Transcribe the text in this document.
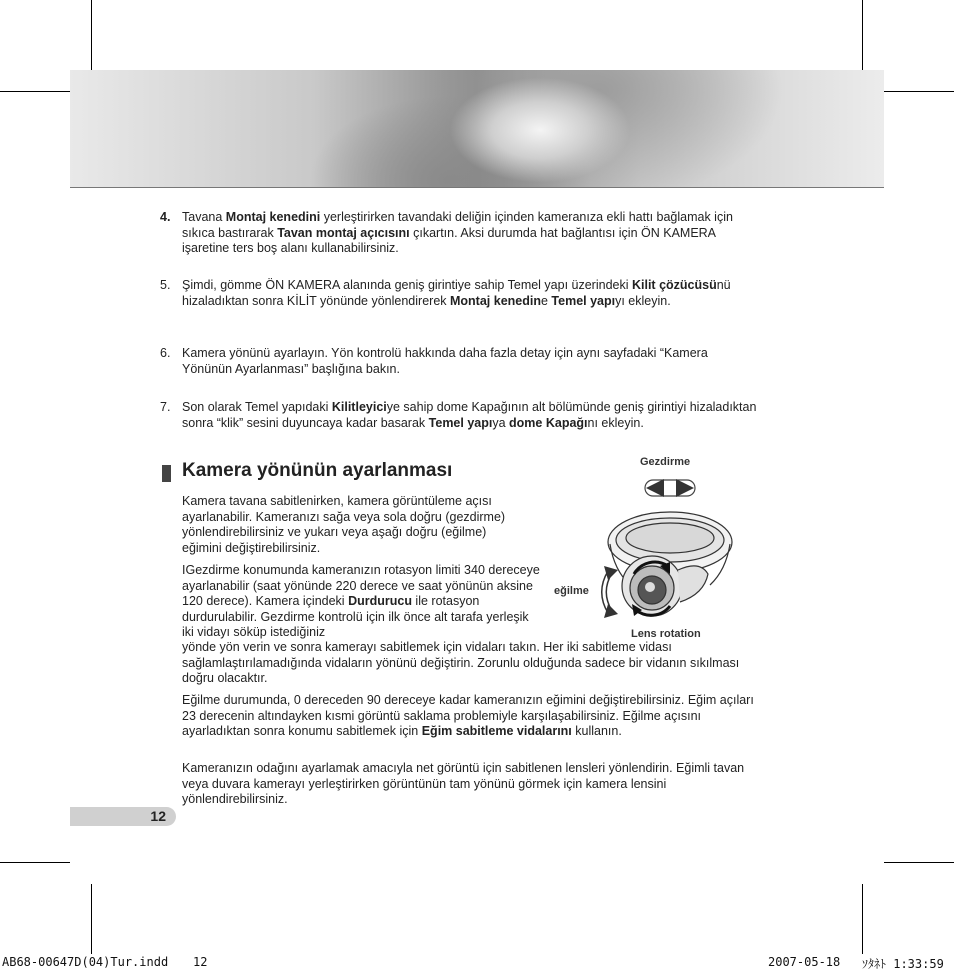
4. Tavana Montaj kenedini yerleştirirken tavandaki deliğin içinden kameranıza ekli hattı bağlamak için sıkıca bastırarak Tavan montaj açıcısını çıkartın. Aksi durumda hat bağlantısı için ÖN KAMERA işaretine ters boş alanı kullanabilirsiniz.
5. Şimdi, gömme ÖN KAMERA alanında geniş girintiye sahip Temel yapı üzerindeki Kilit çözücüsünü hizaladıktan sonra KİLİT yönünde yönlendirerek Montaj kenedine Temel yapıyı ekleyin.
6. Kamera yönünü ayarlayın. Yön kontrolü hakkında daha fazla detay için aynı sayfadaki “Kamera Yönünün Ayarlanması” başlığına bakın.
7. Son olarak Temel yapıdaki Kilitleyiciye sahip dome Kapağının alt bölümünde geniş girintiyi hizaladıktan sonra “klik” sesini duyuncaya kadar basarak Temel yapıya dome Kapağını ekleyin.
Kamera yönünün ayarlanması
Kamera tavana sabitlenirken, kamera görüntüleme açısı ayarlanabilir. Kameranızı sağa veya sola doğru (gezdirme) yönlendirebilirsiniz ve yukarı veya aşağı doğru (eğilme) eğimini değiştirebilirsiniz.
IGezdirme konumunda kameranızın rotasyon limiti 340 dereceye ayarlanabilir (saat yönünde 220 derece ve saat yönünün aksine 120 derece). Kamera içindeki Durdurucu ile rotasyon durdurulabilir. Gezdirme kontrolü için ilk önce alt tarafa yerleşik iki vidayı söküp istediğiniz
yönde yön verin ve sonra kamerayı sabitlemek için vidaları takın. Her iki sabitleme vidası sağlamlaştırılamadığında vidaların yönünü değiştirin. Zorunlu olduğunda sadece bir vidanın sıkılması doğru olacaktır.
Eğilme durumunda, 0 dereceden 90 dereceye kadar kameranızın eğimini değiştirebilirsiniz. Eğim açıları 23 derecenin altındayken kısmi görüntü saklama problemiyle karşılaşabilirsiniz. Eğilme açısını ayarladıktan sonra konumu sabitlemek için Eğim sabitleme vidalarını kullanın.
Kameranızın odağını ayarlamak amacıyla net görüntü için sabitlenen lensleri yönlendirin. Eğimli tavan veya duvara kamerayı yerleştirirken görüntünün tam yönünü görmek için kamera lensini yönlendirebilirsiniz.
Gezdirme
eğilme
Lens rotation
12
AB68-00647D(04)Tur.indd 12	2007-05-18 ｿﾀﾈﾄ 1:33:59
